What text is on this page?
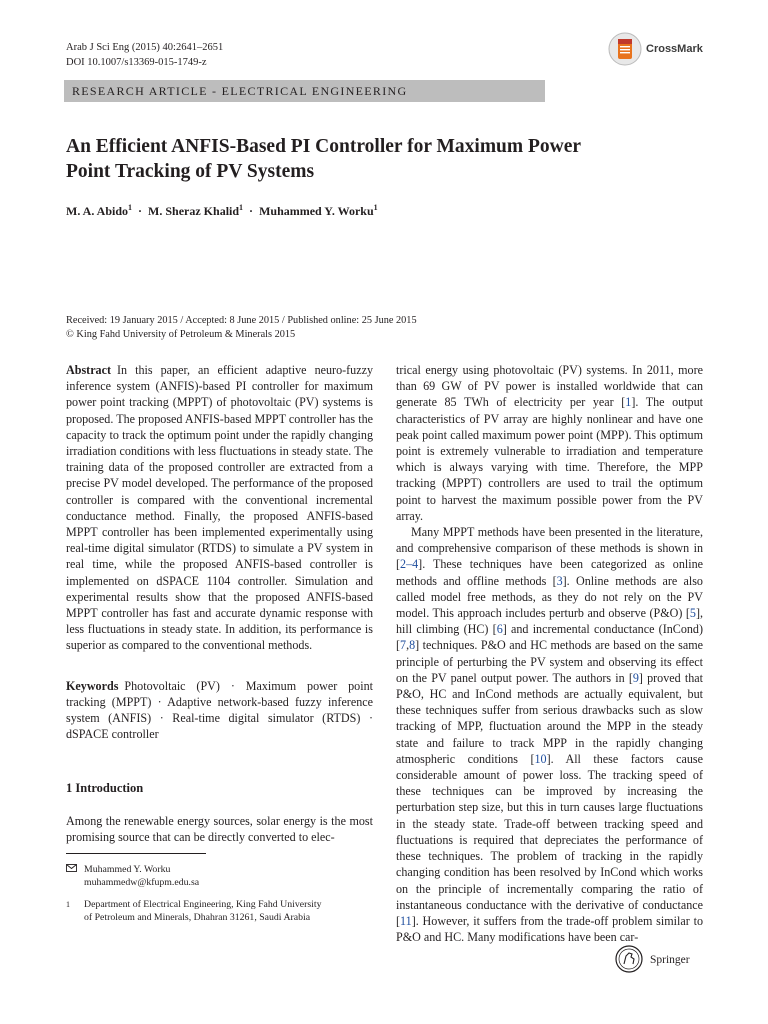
Arab J Sci Eng (2015) 40:2641–2651
DOI 10.1007/s13369-015-1749-z
CrossMark
RESEARCH ARTICLE - ELECTRICAL ENGINEERING
An Efficient ANFIS-Based PI Controller for Maximum Power
Point Tracking of PV Systems
M. A. Abido$^1$ · M. Sheraz Khalid$^1$ · Muhammed Y. Worku$^1$
Received: 19 January 2015 / Accepted: 8 June 2015 / Published online: 25 June 2015
© King Fahd University of Petroleum & Minerals 2015

Abstract In this paper, an efficient adaptive neuro-fuzzy inference system (ANFIS)-based PI controller for maximum power point tracking (MPPT) of photovoltaic (PV) systems is proposed. The proposed ANFIS-based MPPT controller has the capacity to track the optimum point under the rapidly changing irradiation conditions with less fluctuations in steady state. The training data of the proposed controller are extracted from a precise PV model developed. The performance of the proposed controller is compared with the conventional incremental conductance method. Finally, the proposed ANFIS-based MPPT controller has been implemented experimentally using real-time digital simulator (RTDS) to simulate a PV system in real time, while the proposed ANFIS-based controller is implemented on dSPACE 1104 controller. Simulation and experimental results show that the proposed ANFIS-based MPPT controller has fast and accurate dynamic response with less fluctuations in steady state. In addition, its performance is superior as compared to the conventional methods.

Keywords Photovoltaic (PV) · Maximum power point tracking (MPPT) · Adaptive network-based fuzzy inference system (ANFIS) · Real-time digital simulator (RTDS) · dSPACE controller

1 Introduction
Among the renewable energy sources, solar energy is the most promising source that can be directly converted to elec-
Muhammed Y. Worku
muhammedw@kfupm.edu.sa
1 Department of Electrical Engineering, King Fahd University
of Petroleum and Minerals, Dhahran 31261, Saudi Arabia

trical energy using photovoltaic (PV) systems. In 2011, more than 69 GW of PV power is installed worldwide that can generate 85 TWh of electricity per year [1]. The output characteristics of PV array are highly nonlinear and have one peak point called maximum power point (MPP). This optimum point is extremely vulnerable to irradiation and temperature which is always varying with time. Therefore, the MPP tracking (MPPT) controllers are used to trail the optimum point to harvest the maximum possible power from the PV array.

Many MPPT methods have been presented in the literature, and comprehensive comparison of these methods is shown in [2–4]. These techniques have been categorized as online methods and offline methods [3]. Online methods are also called model free methods, as they do not rely on the PV model. This approach includes perturb and observe (P&O) [5], hill climbing (HC) [6] and incremental conductance (InCond) [7,8] techniques. P&O and HC methods are based on the same principle of perturbing the PV system and observing its effect on the PV panel output power. The authors in [9] proved that P&O, HC and InCond methods are actually equivalent, but these techniques suffer from serious drawbacks such as slow tracking of MPP, fluctuation around the MPP in the steady state and failure to track MPP in the rapidly changing atmospheric conditions [10]. All these factors cause considerable amount of power loss. The tracking speed of these techniques can be improved by increasing the perturbation step size, but this in turn causes large fluctuations in the steady state. Trade-off between tracking speed and fluctuations is required that depreciates the performance of these techniques. The problem of tracking in the rapidly changing condition has been resolved by InCond which works on the principle of incrementally comparing the ratio of instantaneous conductance with the derivative of conductance [11]. However, it suffers from the trade-off problem similar to P&O and HC. Many modifications have been car-

Springer
